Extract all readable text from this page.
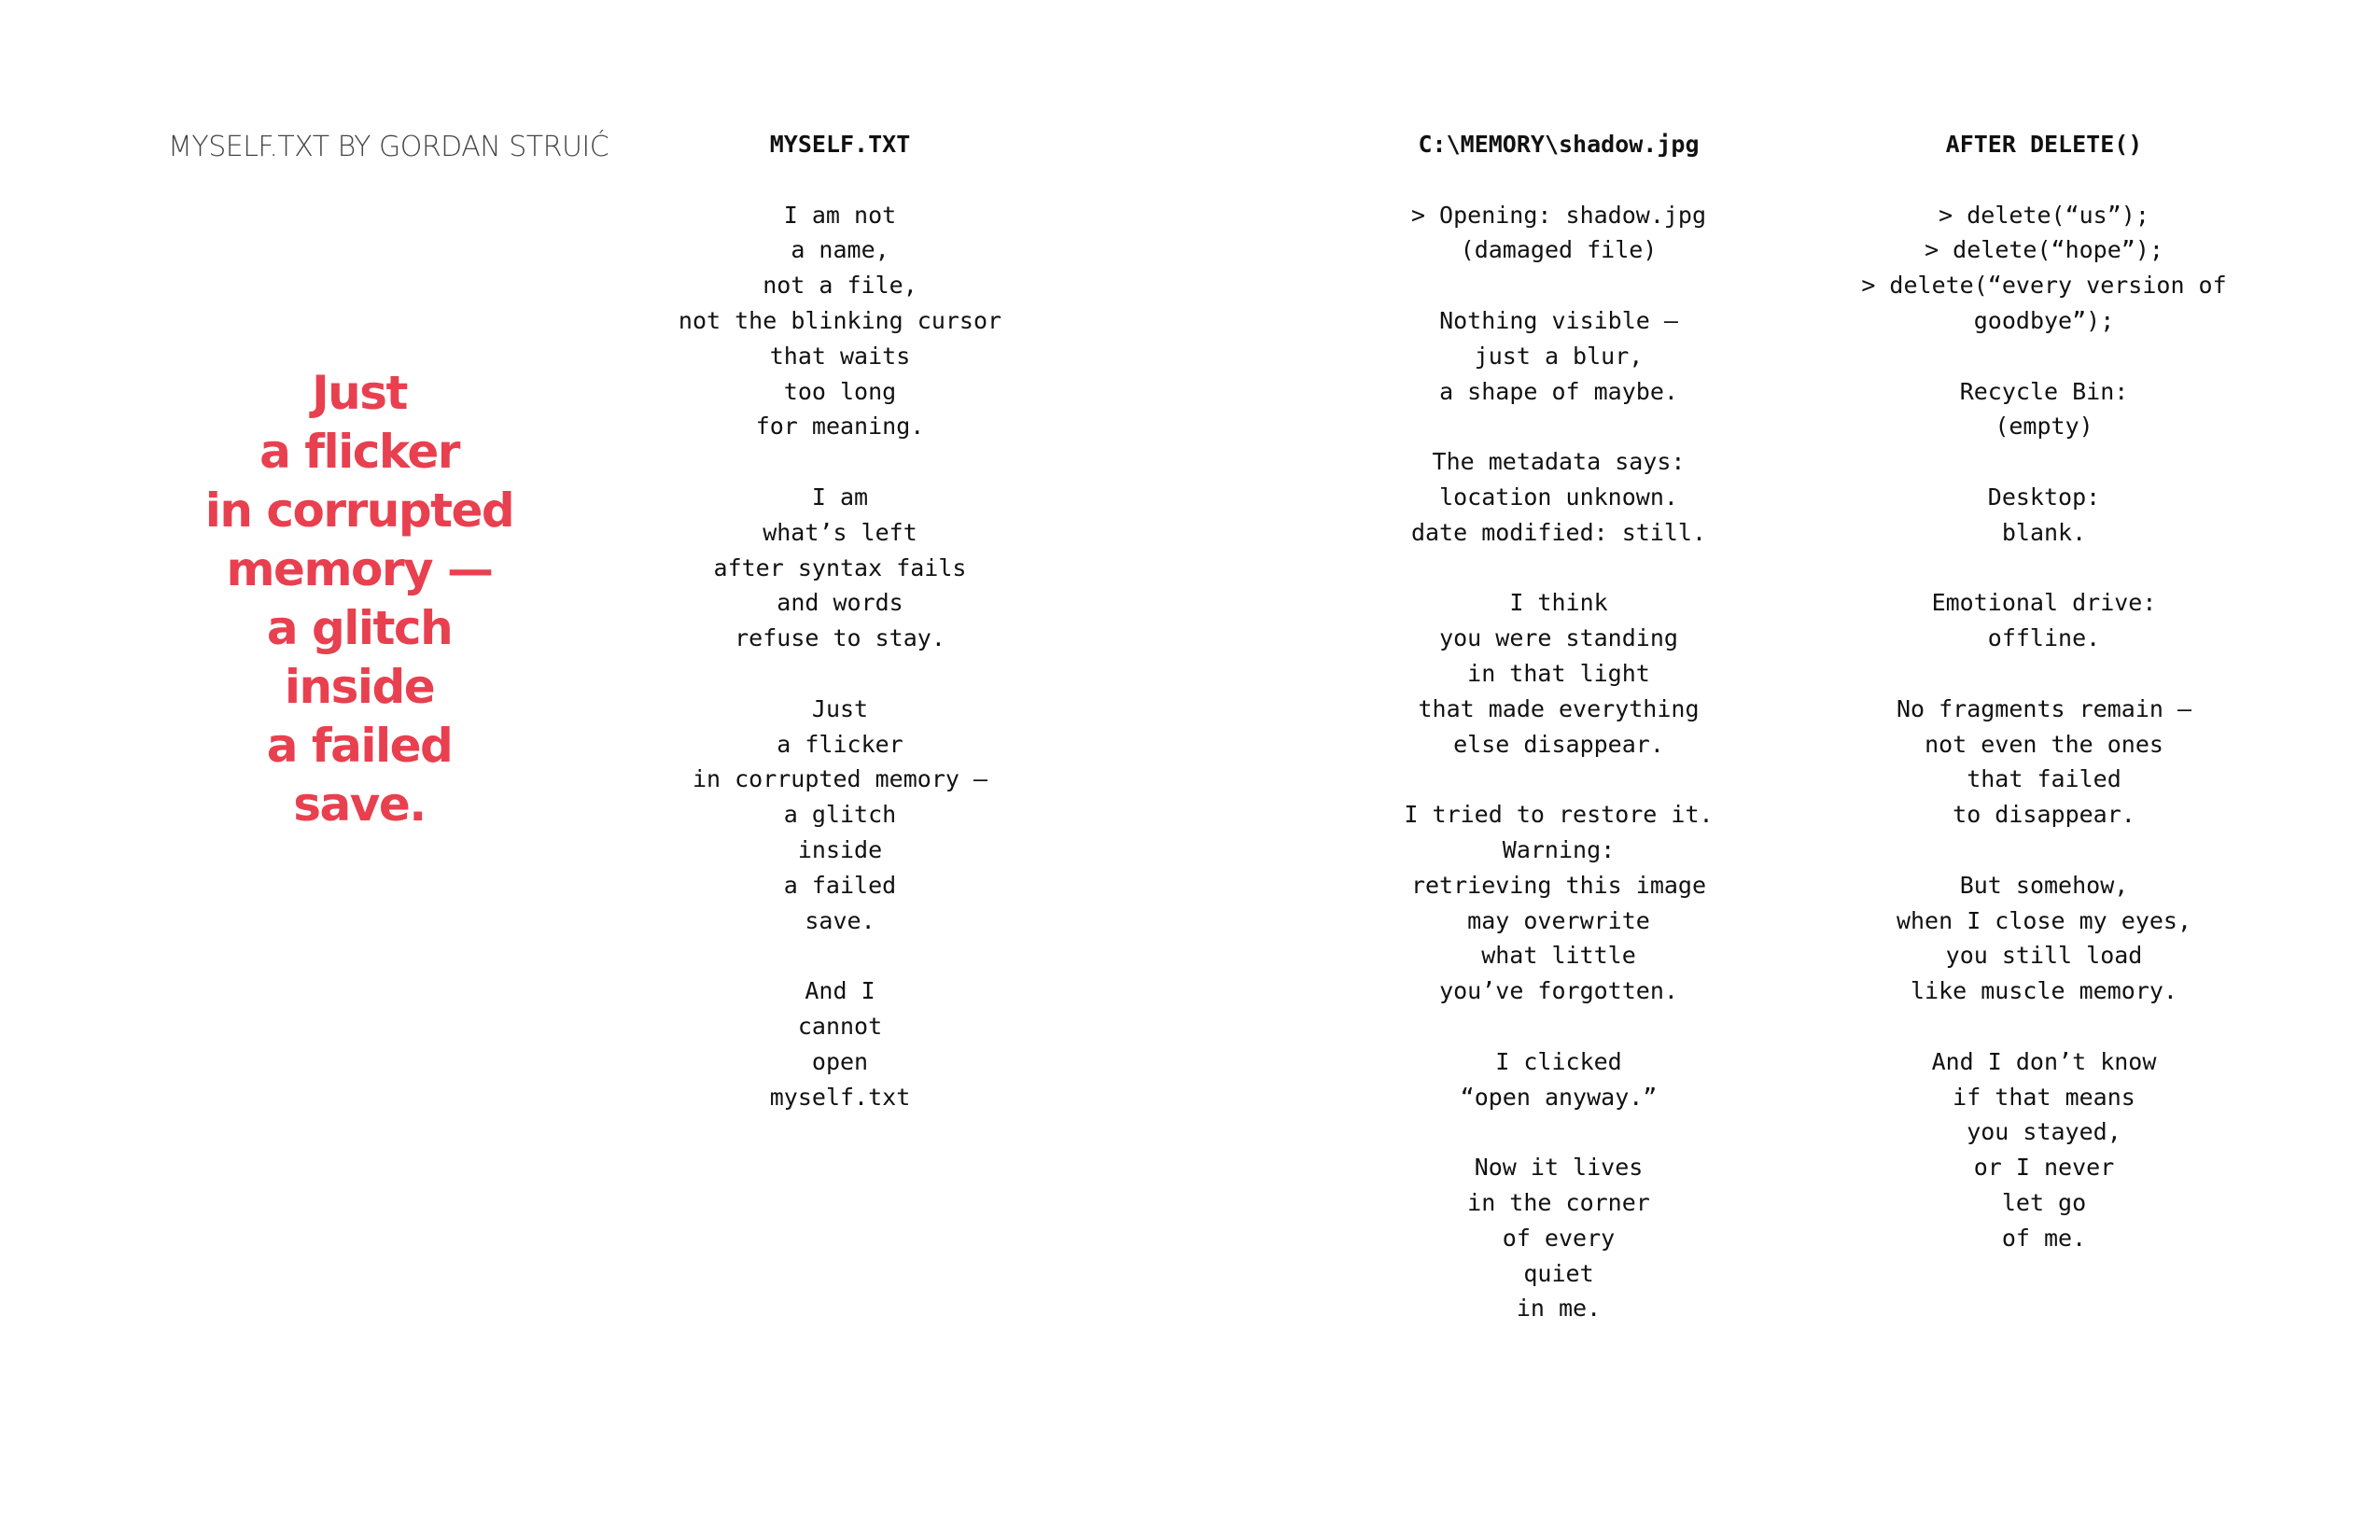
MYSELF.TXT BY GORDAN STRUIĆ
Just
a flicker
in corrupted
memory —
a glitch
inside
a failed
save.
MYSELF.TXT
I am not
a name,
not a file,
not the blinking cursor
that waits
too long
for meaning.
I am
what’s left
after syntax fails
and words
refuse to stay.
Just
a flicker
in corrupted memory —
a glitch
inside
a failed
save.
And I
cannot
open
myself.txt
C:\MEMORY\shadow.jpg
> Opening: shadow.jpg
(damaged file)
Nothing visible —
just a blur,
a shape of maybe.
The metadata says:
location unknown.
date modified: still.
I think
you were standing
in that light
that made everything
else disappear.
I tried to restore it.
Warning:
retrieving this image
may overwrite
what little
you’ve forgotten.
I clicked
“open anyway.”
Now it lives
in the corner
of every
quiet
in me.
AFTER DELETE()
> delete(“us”);
> delete(“hope”);
> delete(“every version of
goodbye”);
Recycle Bin:
(empty)
Desktop:
blank.
Emotional drive:
offline.
No fragments remain —
not even the ones
that failed
to disappear.
But somehow,
when I close my eyes,
you still load
like muscle memory.
And I don’t know
if that means
you stayed,
or I never
let go
of me.
